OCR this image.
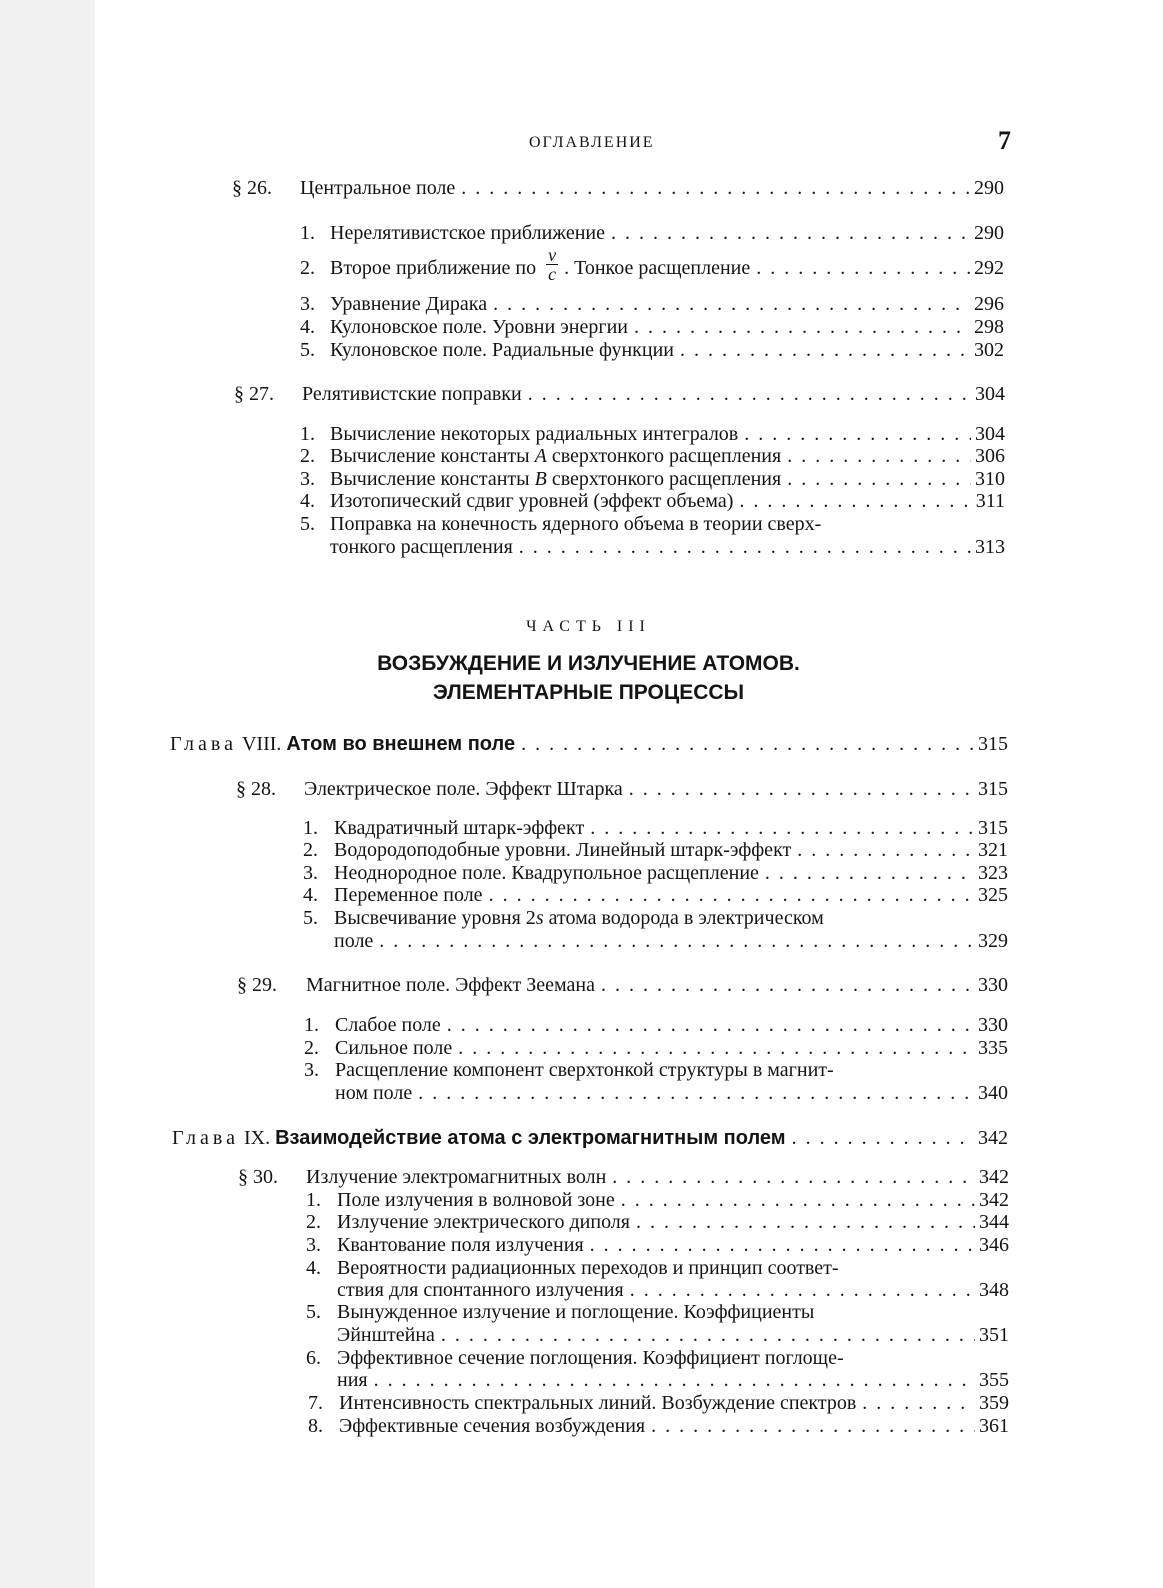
ОГЛАВЛЕНИЕ	7
§ 26. Центральное поле . . .	290
1. Нерелятивистское приближение . . .	290
2. Второе приближение по $\frac{v}{c}$ . Тонкое расщепление . . .	292
3. Уравнение Дирака . . .	296
4. Кулоновское поле. Уровни энергии . . .	298
5. Кулоновское поле. Радиальные функции . . .	302
§ 27. Релятивистские поправки . . .	304
1. Вычисление некоторых радиальных интегралов . . .	304
2. Вычисление константы A сверхтонкого расщепления . . .	306
3. Вычисление константы B сверхтонкого расщепления . . .	310
4. Изотопический сдвиг уровней (эффект объема) . . .	311
5. Поправка на конечность ядерного объема в теории сверх-
тонкого расщепления . . .	313
ЧАСТЬ III
ВОЗБУЖДЕНИЕ И ИЗЛУЧЕНИЕ АТОМОВ.
ЭЛЕМЕНТАРНЫЕ ПРОЦЕССЫ
Глава VIII. Атом во внешнем поле . . .	315
§ 28. Электрическое поле. Эффект Штарка . . .	315
1. Квадратичный штарк-эффект . . .	315
2. Водородоподобные уровни. Линейный штарк-эффект . . .	321
3. Неоднородное поле. Квадрупольное расщепление . . .	323
4. Переменное поле . . .	325
5. Высвечивание уровня 2s атома водорода в электрическом
поле . . .	329
§ 29. Магнитное поле. Эффект Зеемана . . .	330
1. Слабое поле . . .	330
2. Сильное поле . . .	335
3. Расщепление компонент сверхтонкой структуры в магнит-
ном поле . . .	340
Глава IX. Взаимодействие атома с электромагнитным полем . . .	342
§ 30. Излучение электромагнитных волн . . .	342
1. Поле излучения в волновой зоне . . .	342
2. Излучение электрического диполя . . .	344
3. Квантование поля излучения . . .	346
4. Вероятности радиационных переходов и принцип соответ-
ствия для спонтанного излучения . . .	348
5. Вынужденное излучение и поглощение. Коэффициенты
Эйнштейна . . .	351
6. Эффективное сечение поглощения. Коэффициент поглоще-
ния . . .	355
7. Интенсивность спектральных линий. Возбуждение спектров . . .	359
8. Эффективные сечения возбуждения . . .	361
